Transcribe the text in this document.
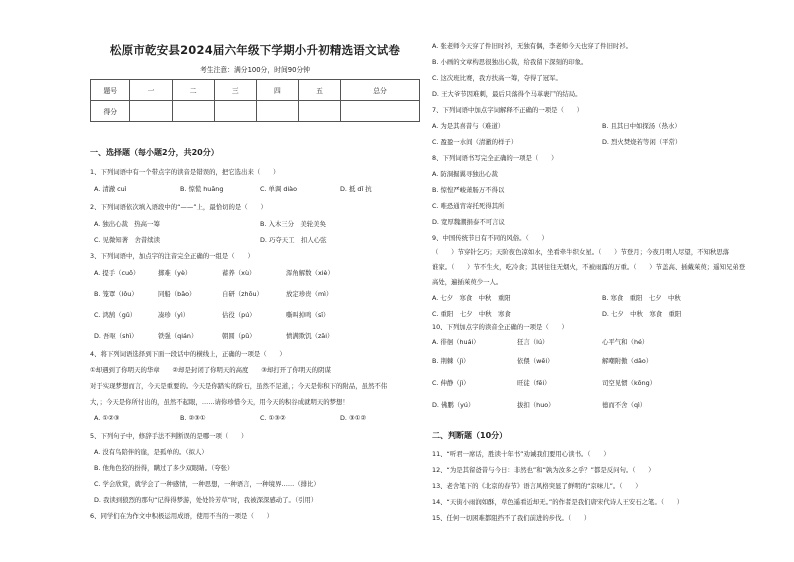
松原市乾安县2024届六年级下学期小升初精选语文试卷
考生注意：满分100分，时间90分钟
题号	一	二	三	四	五	总分
得分						
一、选择题（每小题2分，共20分）
1、下列词语中有一个带点字的读音是错误的，把它选出来（　　）
A. 清澈 cuì	B. 惊慌 huāng	C. 单调 diào	D. 抵 dǐ 抗
2、下列词语依次填入语段中的“——”上，最恰切的是（　　）
A. 独出心裁　热高一筹	B. 入木三分　美轮美奂
C. 见微知著　舍昔续读	D. 巧夺天工　扣人心弦
3、下列词语中，加点字的注音完全正确的一组是（　　）
A. 提手（cuō）	掷难（yè）	蓄养（xù）	浑角解数（xiè）
B. 笼罩（lǒu）	同船（bāo）	自研（zhōu）	放定珍贵（mì）
C. 鸿鹄（gǔ）	凑珍（yì）	估役（pú）	嘶叫掉鸣（sī）
D. 吾呕（shì）	铁强（qián）	朝圆（pǔ）	愤满欺饥（zāi）
4、将下列词语选择到下面一段话中的横线上，正确的一项是（　　）
①却遇到了你明天的华章　　②却是封闭了你明天的高度　　③却打开了你明天的阴谋
对于实现梦想而言，今天是重要的。今天是你踏实的阶石，虽然不足道，；今天是你积下的附品，虽然不伟
大，；今天是你所付出的，虽然不起眼，……请你珍惜今天，用今天的积谷成就明天的梦想！
A. ①②③	B. ②③①	C. ①③②	D. ③①②
5、下列句子中，修辞手法不判断误的是哪一项（　　）
A. 没有鸟陪伴的崖，是孤单的。（拟人）
B. 他角色狡的扮得，瞒过了多少双眼睛。（夸张）
C. 学会欣赏，就学会了一种感情，一种思想，一种语言，一种境界……（排比）
D. 我读到狼烈的那句“记得得梦游，处处铃芳草”时，我被深深感动了。（引用）
6、同学们在为作文中积极运用成语，使用不当的一项是（　　）
A. 张老师今天穿了件旧时衫，无独有偶，李老师今天也穿了件旧时衫。
B. 小画的文章构思很独出心裁，给我留下深刻的印象。
C. 这次班比赛，我方扶高一筹，夺得了冠军。
D. 王大爷节因难刺，最后只落得个马革裹尸的结局。
7、下列词语中加点字词解释不正确的一项是（　　）
A. 为是其喜昔与（难道）	B. 且其日中如探汤（热水）
C. 盈盈一水间（清澈的样子）	D. 烈火焚烧若等闲（平常）
8、下列词语书写完全正确的一项是（　　）
A. 防洞掘翼寻独出心裁
B. 惊惶严峻萧肠万不得以
C. 唯恐通宵寄托死得其所
D. 宽厚魏潮捐泰不可言议
9、中国传统节日有不同的风俗。（　　）
（　　）节穿针乞巧；天阶夜色凉如水，坐看牵牛织女星。（　　）节登月；今夜月明人尽望，不知秋思落
谁家。（　　）节不生火，吃冷食；其居往往无烟火，不被雨露的万重。（　　）节盖高、插戴茱萸；遥知兄弟登
高处，遍插茱萸少一人。
A. 七夕　寒食　中秋　重阳	B. 寒食　重阳　七夕　中秋
C. 重阳　七夕　中秋　寒食	D. 七夕　中秋　寒食　重阳
10、下列加点字的读音全正确的一项是（　　）
A. 徘徊（huái）	狂言（lú）	心平气和（hé）
B. 荆棘（jì）	依偎（wēi）	解嘲附傲（dāo）
C. 伸静（jì）	旺徒（fēi）	司空见惯（kōng）
D. 佛鹏（yú）	拔扣（huo）	德而不舍（qì）
二、判断题（10分）
11、“听君一席话，胜读十年书”劝诫我们要用心读书。（　　）
12、“为是其留爸昔与今日：非然也”和“孰为汝多之乎？”都是反问句。（　　）
13、老舍笔下的《北京的春节》语言风格突显了鲜明的“京味儿”。（　　）
14、“天街小雨润如酥，草色遥看近却无。”的作者是我们唐宋代诗人王安石之笔。（　　）
15、任何一切困难都阻挡不了我们前进的步伐。（　　）
